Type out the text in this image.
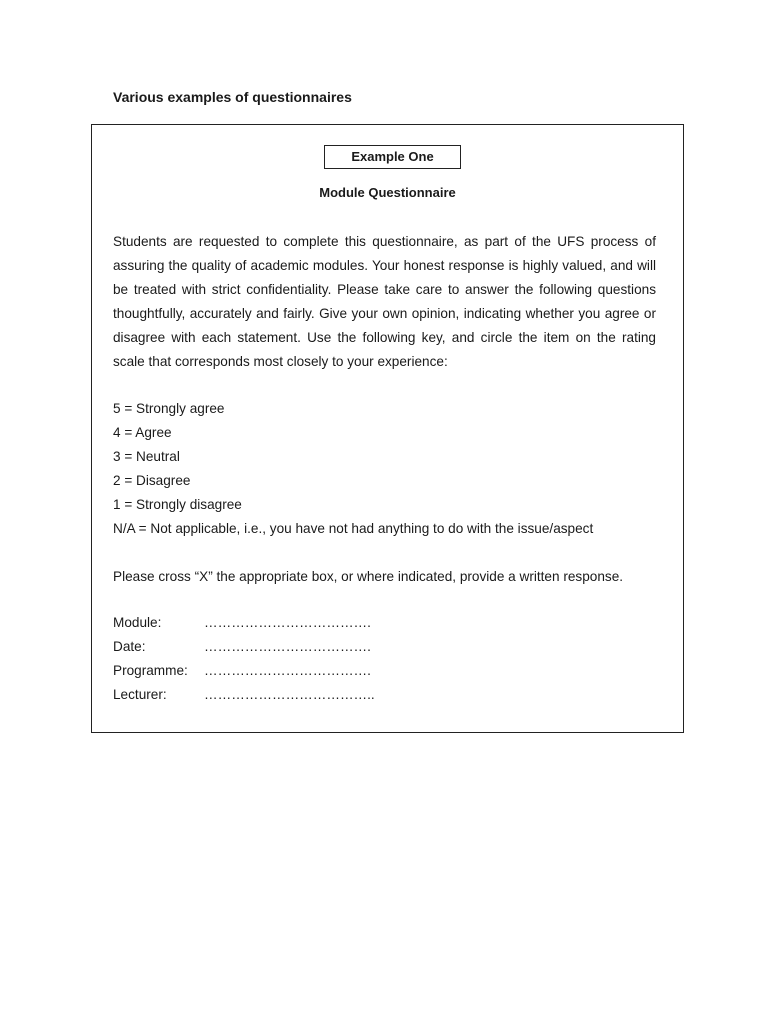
Various examples of questionnaires
Example One
Module Questionnaire

Students are requested to complete this questionnaire, as part of the UFS process of assuring the quality of academic modules. Your honest response is highly valued, and will be treated with strict confidentiality. Please take care to answer the following questions thoughtfully, accurately and fairly. Give your own opinion, indicating whether you agree or disagree with each statement. Use the following key, and circle the item on the rating scale that corresponds most closely to your experience:

5 = Strongly agree
4 = Agree
3 = Neutral
2 = Disagree
1 = Strongly disagree
N/A = Not applicable, i.e., you have not had anything to do with the issue/aspect

Please cross “X” the appropriate box, or where indicated, provide a written response.

Module:	……………………………….
Date:	……………………………….
Programme:	……………………………….
Lecturer:	………………………………..
